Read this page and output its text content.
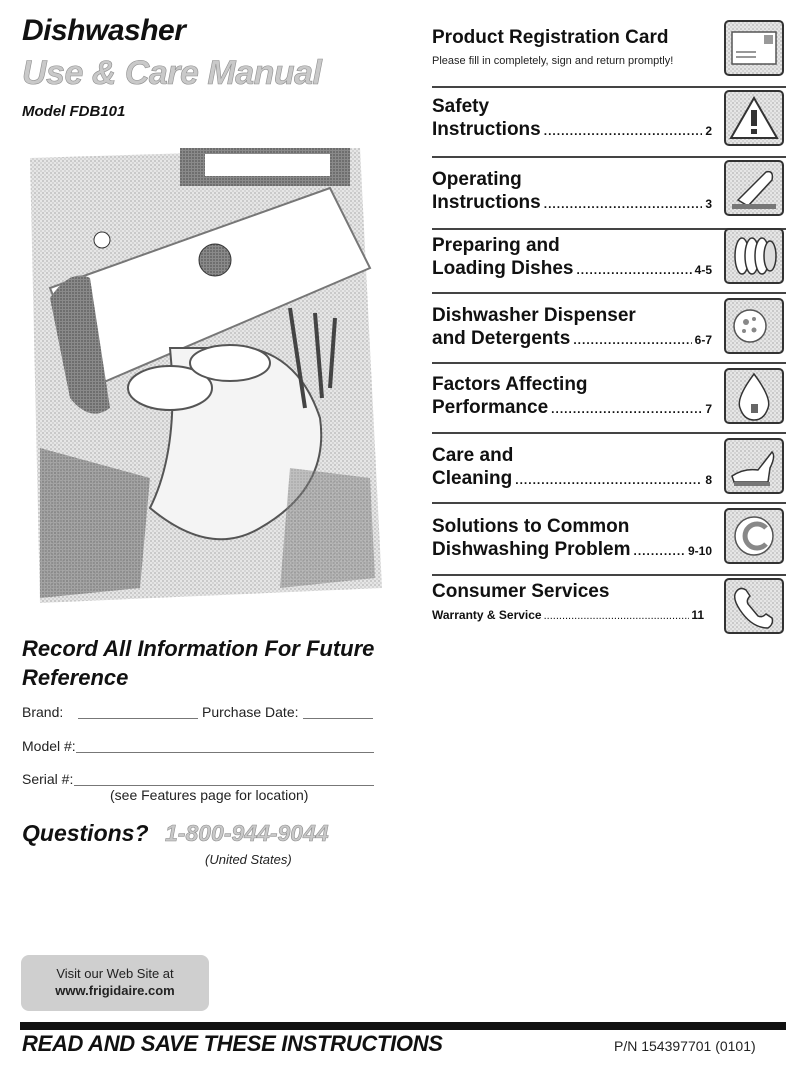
Dishwasher
Use & Care Manual
Model FDB101
Product Registration Card
Please fill in completely, sign and return promptly!
Safety
Instructions .....	2
Operating
Instructions .....	3
Preparing and
Loading Dishes .....	4-5
Dishwasher Dispenser
and Detergents .....	6-7
Factors Affecting
Performance .....	7
Care and
Cleaning .....	8
Solutions to Common
Dishwashing Problem .....	9-10
Consumer Services
Warranty & Service .....	11
Record All Information For Future Reference
Brand:	Purchase Date:
Model #:
Serial #:
(see Features page for location)
Questions? 1-800-944-9044
(United States)
Visit our Web Site at
www.frigidaire.com
READ AND SAVE THESE INSTRUCTIONS	P/N 154397701 (0101)
